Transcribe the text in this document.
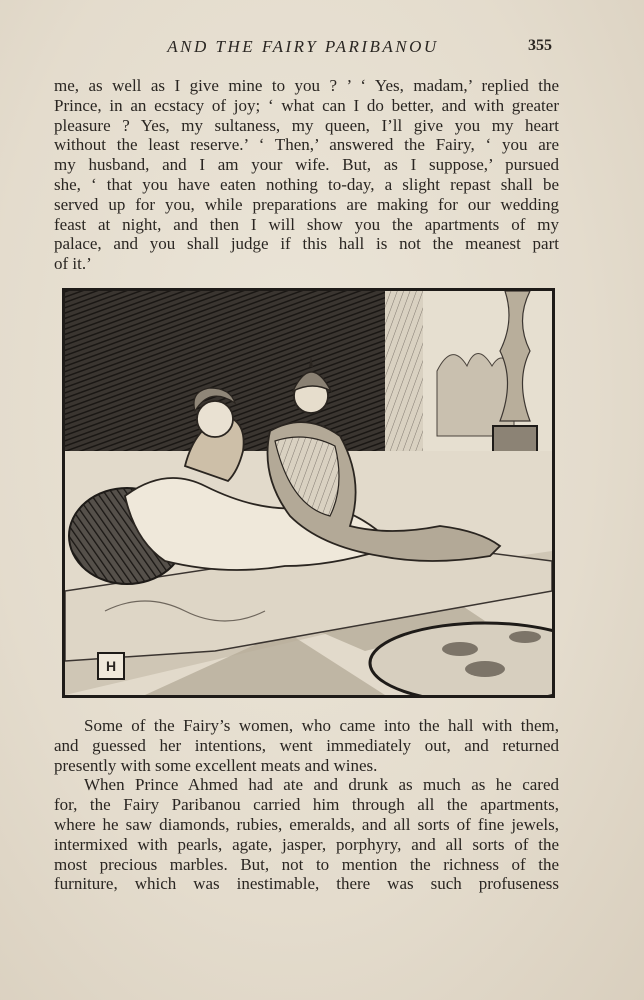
AND THE FAIRY PARIBANOU	355
me, as well as I give mine to you ? ’ ‘ Yes, madam,’ replied the
Prince, in an ecstacy of joy; ‘ what can I do better, and with greater
pleasure ? Yes, my sultaness, my queen, I’ll give you my heart
without the least reserve.’ ‘ Then,’ answered the Fairy, ‘ you are
my husband, and I am your wife. But, as I suppose,’ pursued
she, ‘ that you have eaten nothing to-day, a slight repast shall be
served up for you, while preparations are making for our wedding
feast at night, and then I will show you the apartments of my
palace, and you shall judge if this hall is not the meanest part
of it.’
H
Some of the Fairy’s women, who came into the hall with them,
and guessed her intentions, went immediately out, and returned
presently with some excellent meats and wines.
When Prince Ahmed had ate and drunk as much as he cared
for, the Fairy Paribanou carried him through all the apartments,
where he saw diamonds, rubies, emeralds, and all sorts of fine jewels,
intermixed with pearls, agate, jasper, porphyry, and all sorts of the
most precious marbles. But, not to mention the richness of the
furniture, which was inestimable, there was such profuseness
